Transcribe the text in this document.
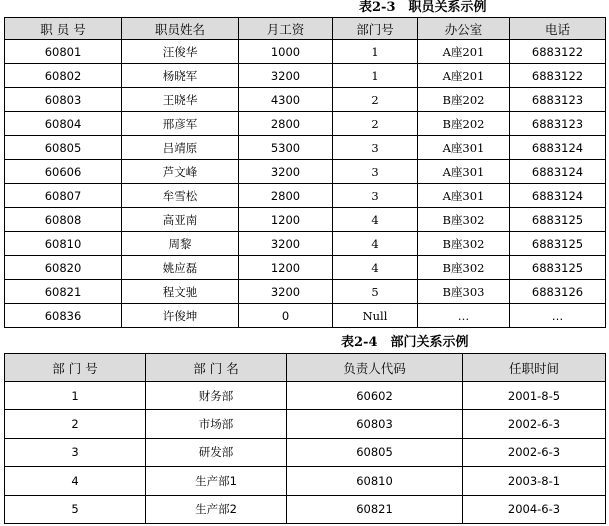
表2-3　职员关系示例
职 员 号	职员姓名	月工资	部门号	办公室	电话
60801	汪俊华	1000	1	A座201	6883122
60802	杨晓军	3200	1	A座201	6883122
60803	王晓华	4300	2	B座202	6883123
60804	邢彦军	2800	2	B座202	6883123
60805	吕靖原	5300	3	A座301	6883124
60606	芦文峰	3200	3	A座301	6883124
60807	牟雪松	2800	3	A座301	6883124
60808	高亚南	1200	4	B座302	6883125
60810	周黎	3200	4	B座302	6883125
60820	姚应磊	1200	4	B座302	6883125
60821	程文驰	3200	5	B座303	6883126
60836	许俊坤	0	Null	…	…
表2-4　部门关系示例
部 门 号	部 门 名	负责人代码	任职时间
1	财务部	60602	2001-8-5
2	市场部	60803	2002-6-3
3	研发部	60805	2002-6-3
4	生产部1	60810	2003-8-1
5	生产部2	60821	2004-6-3
